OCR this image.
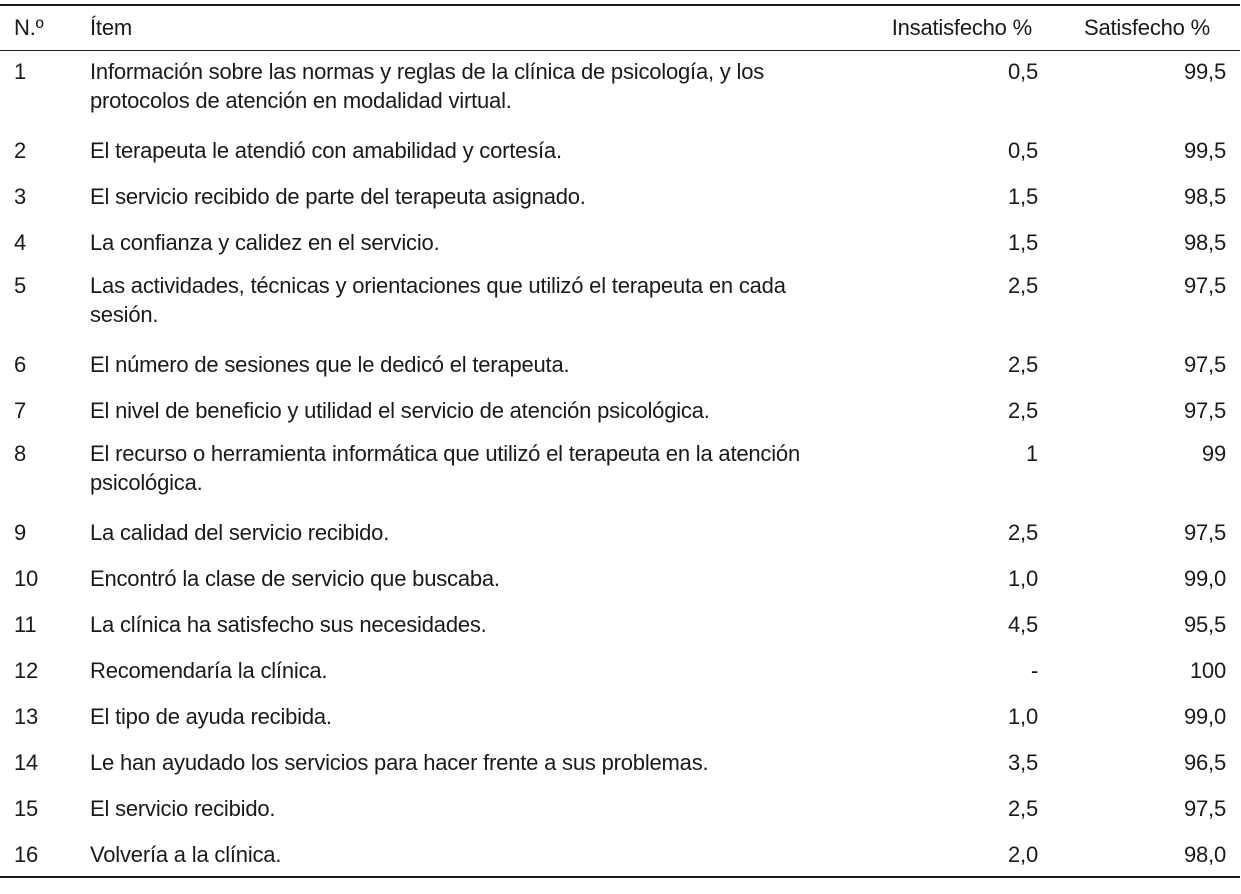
N.º	Ítem	Insatisfecho %	Satisfecho %
1	Información sobre las normas y reglas de la clínica de psicología, y los protocolos de atención en modalidad virtual.	0,5	99,5
2	El terapeuta le atendió con amabilidad y cortesía.	0,5	99,5
3	El servicio recibido de parte del terapeuta asignado.	1,5	98,5
4	La confianza y calidez en el servicio.	1,5	98,5
5	Las actividades, técnicas y orientaciones que utilizó el terapeuta en cada sesión.	2,5	97,5
6	El número de sesiones que le dedicó el terapeuta.	2,5	97,5
7	El nivel de beneficio y utilidad el servicio de atención psicológica.	2,5	97,5
8	El recurso o herramienta informática que utilizó el terapeuta en la atención psicológica.	1	99
9	La calidad del servicio recibido.	2,5	97,5
10	Encontró la clase de servicio que buscaba.	1,0	99,0
11	La clínica ha satisfecho sus necesidades.	4,5	95,5
12	Recomendaría la clínica.	-	100
13	El tipo de ayuda recibida.	1,0	99,0
14	Le han ayudado los servicios para hacer frente a sus problemas.	3,5	96,5
15	El servicio recibido.	2,5	97,5
16	Volvería a la clínica.	2,0	98,0
